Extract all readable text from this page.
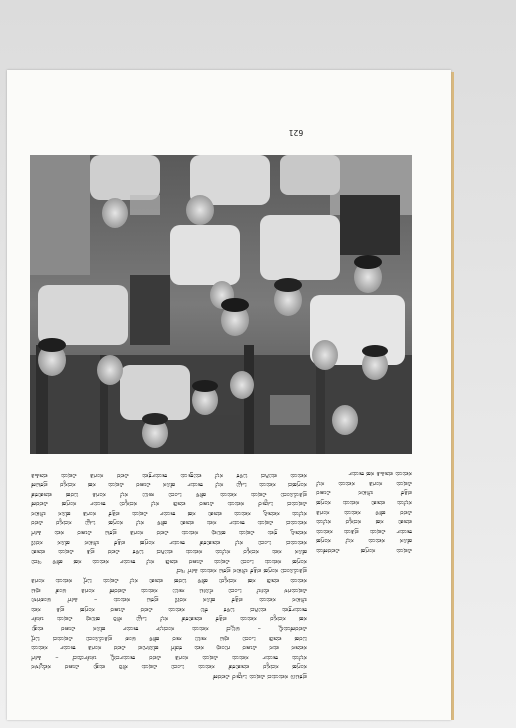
621
ಪ್ರಕಟಣ ಸಮಯದ ವಿಷಯ ಒಟ್ಟಾರೆ ವಿವರಣೆ
ಸಂಗ್ರಹ ಸದಸ್ಯರ ಮಾತುಕತೆ ಸಮಯ ಒಂದು ವಿಷಯ ಸೇರಿ ಮತ್ತು ವಿಚಾರ ಸಮ್ಮೇಳನ
ಸಭೆಯ ಕಾರ್ಯ ಸಮಯ ವಿಷಯ ಸಂಗತಿ ವಿವರ ಕಾರ್ಯದಲ್ಲಿ ಚರ್ಚೆಯಿದೆ – ಹೀಗೆ
ಸಮಾನ ಮನ ವಿಚಾರ ಗುಂಪು ಸಮ ಕಡೆಗೆ ಹೋಗುವ ವಿವರ ಸಂಗತಿ ಕಾರ್ಯ ಸಮಯ
ಬರಹ ಮಾಡಿ ಒಂದು ಪುಟ ಸಾಲು ಸಾರ ಹೇಳಿ ಅಂಶ ಪ್ರತಿಯೊಂದು ವಿಷಯದ ಬಗ್ಗೆ
ವಿವರಣೆಯಲ್ಲಿ – ಅಲ್ಲದೆ ಸಮಯ ಸಂದರ್ಭ ಕಾರ್ಯ ಹೊಸ ವಿಚಾರ ಮತ್ತು
ಸಹ ಸದಸ್ಯರ ಸಮಯ ಪತ್ರಿಕೆ ಮಾತುಕತೆ ಸಭೆ ಒಟ್ಟು ಸೇರಿ ಹಲವು ವಿಷಯ ಚರ್ಚೆ
ಕಾರ್ಯಕ್ರಮ ಮುಗಿದ ಬಳಿಕ ಕೆಲ ಸಮಯ ವಿವರ ವಿಚಾರ ಸಂಗ್ರಹ ಪ್ರತಿ ಸಮ
ಲೇಖನ ಸಮಯ ಪತ್ರಿಕೆ ಹೊಸ ಸರಣಿ ಪ್ರಕಟ ಸಮಯ – ಹೀಗೆ ಅಂಶಗಳು
ವಿಷಯಗಳ ಮೇಲೆ ಒಂದು ನೋಟ ಸಾಲು ಸಮಯ ವಿವರಣೆ ಸಂಗತಿ ಅಂತೆ ಪುಟ
ಸಮಯ ಮಾಡಿ ಸಹ ಸದಸ್ಯರು ಹೇಳಿ ಬರಹ ಮಾತು ಸಭೆ ವಿಷಯ ಬಗ್ಗೆ ಸಮಯ ಸಂಗತಿ
ಪ್ರತಿಯೊಂದು ಸಂಗ್ರಹ ಪತ್ರಿಕೆ ಲೇಖನ ಪ್ರಕಟ ಸಮಯ ಹೀಗೆ ಇದೆ
ಸಂಗ್ರಹ ಸಮಯ ಒಂದು ವಿಷಯ ವಿಚಾರ ಮಾಡಿ ಸಭೆ ಕಾರ್ಯ ಸಮಯ ಸಹ ಹೇಳಿ ಇದು
ಹೊಸ ಸಮ ಸದಸ್ಯರ ಸಭೆಯ ಸಮಯ ಮುಗಿದ ಬಳಿಕ ವಿವರ ಪ್ರತಿ ವಿಷಯ ಮಾತು
ಸಮಯದ ಒಂದು ಸಭೆ ಮಾತುಕತೆ ಕಾರ್ಯ ಸಂಗ್ರಹ ಪತ್ರಿಕೆ ಲೇಖನ ಹೊಸ ಸರಣಿ
ಸಮಾಪ್ತಿ ಕ್ರಮ ವಿಷಯ ಹಲವು ಸಮಯ ವಿವರ ಸಂಗತಿ ಪ್ರಕಟ ವಿಚಾರ ಸಮ ಹೀಗೆ
ಸಮಯದ ವಿಷಯ ಕಾರ್ಯ ಸಮ ಮಾತು ಹೇಳಿ ಸಭೆ ಸಂಗ್ರಹ ಒಟ್ಟು ಸದಸ್ಯರ ವಿವರ
ಸಭೆಯ ಸಮಾಪ್ತಿ ಸಮಯ ಮಾತು ಸಹ ಕಾರ್ಯ ವಿಷಯ ಪತ್ರಿಕೆ ಸಂಗತಿ ಹೊಸ ಲೇಖನ
ವಿಷಯದ ಒಟ್ಟಾರೆ ಸಮಯ ವಿಚಾರ ಮಾಡಿ ಸಭೆ ಸದಸ್ಯರು ಕಾರ್ಯ ಸಂಗ್ರಹ ವಿವರಣೆ
ಪ್ರತಿಯೊಂದು ವಿಷಯ ಸಮಯ ಹೇಳಿ ಒಂದು ಸಾಲು ಸಭೆ ಸಂಗತಿ ಬರಹ ಮಾತುಕತೆ
ಸಂಗ್ರಹದ ಸಮಯ ಒಟ್ಟು ಸಭೆ ಕಾರ್ಯ ಹೊಸ ವಿಚಾರ ವಿಷಯ ಸಹ ಸದಸ್ಯರ ಪ್ರಕಟಣೆ
ಸಮಯ ಮುಗಿದ ಬಳಿಕ ಸಭೆ ಮುಕ್ತಾಯ ಕಾರ್ಯಕ್ರಮ ವಿವರ ಸಂಗತಿ ವಿಷಯ ಮಾಹಿತಿ
ವಿಷಯ ಸಂಗ್ರಹ ವಿವರಣೆಯ
ಹೊಸ ಸಮಯ ಸಭೆ ಸಂಗ್ರಹ
ಕಾರ್ಯ ವಿಷಯ ಪ್ರತಿಯ ಸಮಯ
ಮಾತು ಸಹ ಸದಸ್ಯರ ಸಭೆಯ
ವಿವರ ಹೇಳಿ ಸಮಯ ಸಂಗತಿ
ಸಭೆಯ ಮಾತು ಸಮಯ ಸಂಗ್ರಹ
ಪತ್ರಿಕೆ ಲೇಖನ ವಿಚಾರ
ವಿಷಯ ಸಂಗತಿ ಸಮಯ ಸಭೆ
ಸಮಯ ಮಾಹಿತಿ ಸಹ ಕಾರ್ಯ
